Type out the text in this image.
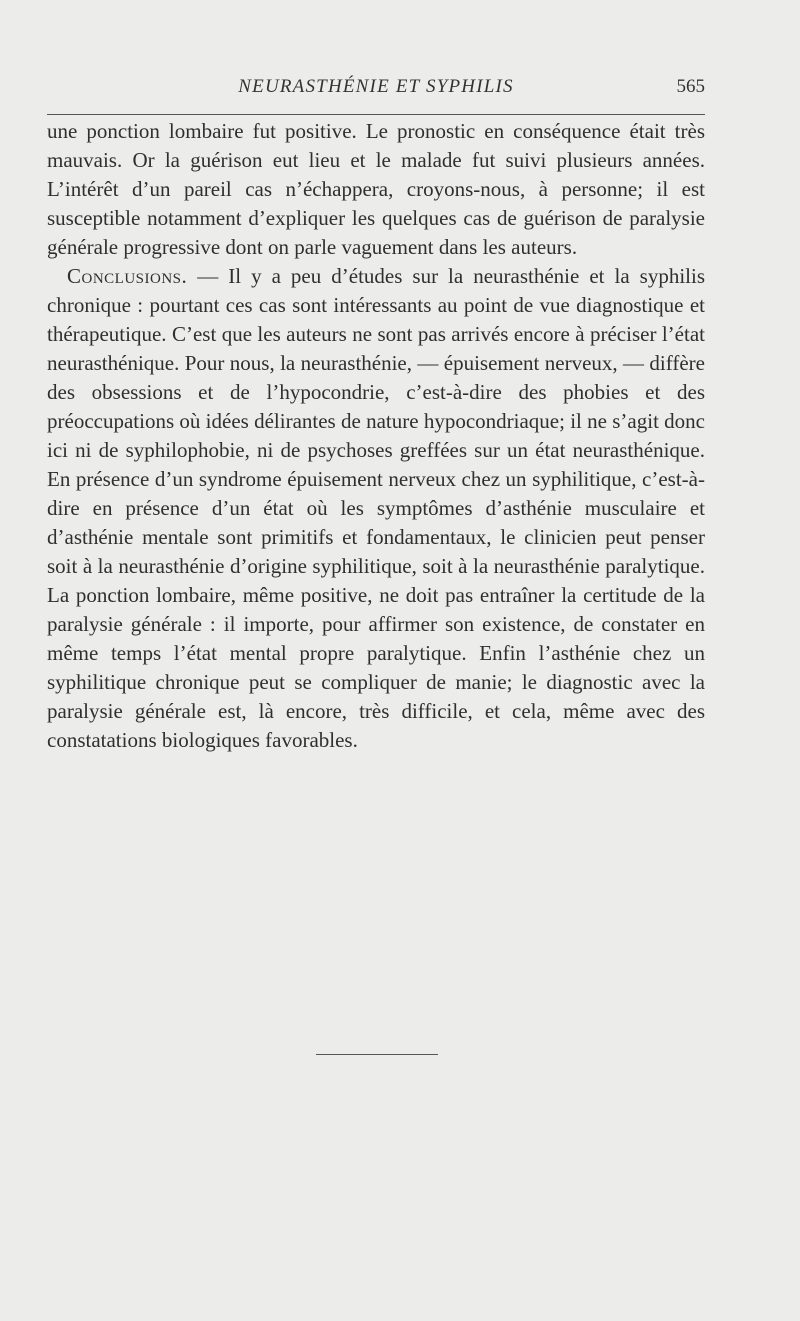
NEURASTHÉNIE ET SYPHILIS	565

une ponction lombaire fut positive. Le pronostic en conséquence était très mauvais. Or la guérison eut lieu et le malade fut suivi plusieurs années. L’intérêt d’un pareil cas n’échappera, croyons-nous, à personne; il est susceptible notamment d’expliquer les quelques cas de guérison de paralysie générale progressive dont on parle vaguement dans les auteurs.

Conclusions. — Il y a peu d’études sur la neurasthénie et la syphilis chronique : pourtant ces cas sont intéressants au point de vue diagnostique et thérapeutique. C’est que les auteurs ne sont pas arrivés encore à préciser l’état neurasthénique. Pour nous, la neurasthénie, — épuisement nerveux, — diffère des obsessions et de l’hypocondrie, c’est-à-dire des phobies et des préoccupations où idées délirantes de nature hypocondriaque; il ne s’agit donc ici ni de syphilophobie, ni de psychoses greffées sur un état neurasthénique. En présence d’un syndrome épuisement nerveux chez un syphilitique, c’est-à-dire en présence d’un état où les symptômes d’asthénie musculaire et d’asthénie mentale sont primitifs et fondamentaux, le clinicien peut penser soit à la neurasthénie d’origine syphilitique, soit à la neurasthénie paralytique. La ponction lombaire, même positive, ne doit pas entraîner la certitude de la paralysie générale : il importe, pour affirmer son existence, de constater en même temps l’état mental propre paralytique. Enfin l’asthénie chez un syphilitique chronique peut se compliquer de manie; le diagnostic avec la paralysie générale est, là encore, très difficile, et cela, même avec des constatations biologiques favorables.
